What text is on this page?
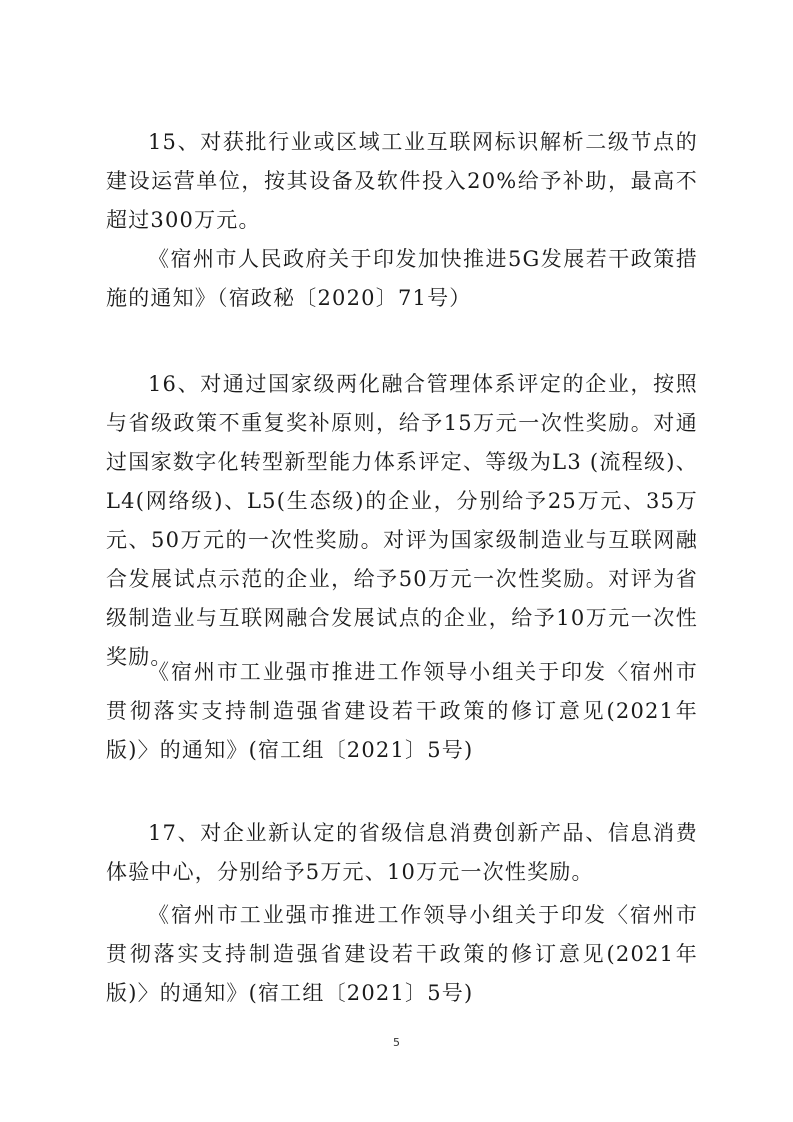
15、对获批行业或区域工业互联网标识解析二级节点的建设运营单位，按其设备及软件投入20%给予补助，最高不超过300万元。

《宿州市人民政府关于印发加快推进5G发展若干政策措施的通知》（宿政秘〔2020〕71号）

16、对通过国家级两化融合管理体系评定的企业，按照与省级政策不重复奖补原则，给予15万元一次性奖励。对通过国家数字化转型新型能力体系评定、等级为L3 (流程级)、L4(网络级)、L5(生态级)的企业，分别给予25万元、35万元、50万元的一次性奖励。对评为国家级制造业与互联网融合发展试点示范的企业，给予50万元一次性奖励。对评为省级制造业与互联网融合发展试点的企业，给予10万元一次性奖励。

《宿州市工业强市推进工作领导小组关于印发〈宿州市贯彻落实支持制造强省建设若干政策的修订意见(2021年版)〉的通知》(宿工组〔2021〕5号)

17、对企业新认定的省级信息消费创新产品、信息消费体验中心，分别给予5万元、10万元一次性奖励。

《宿州市工业强市推进工作领导小组关于印发〈宿州市贯彻落实支持制造强省建设若干政策的修订意见(2021年版)〉的通知》(宿工组〔2021〕5号)

5
